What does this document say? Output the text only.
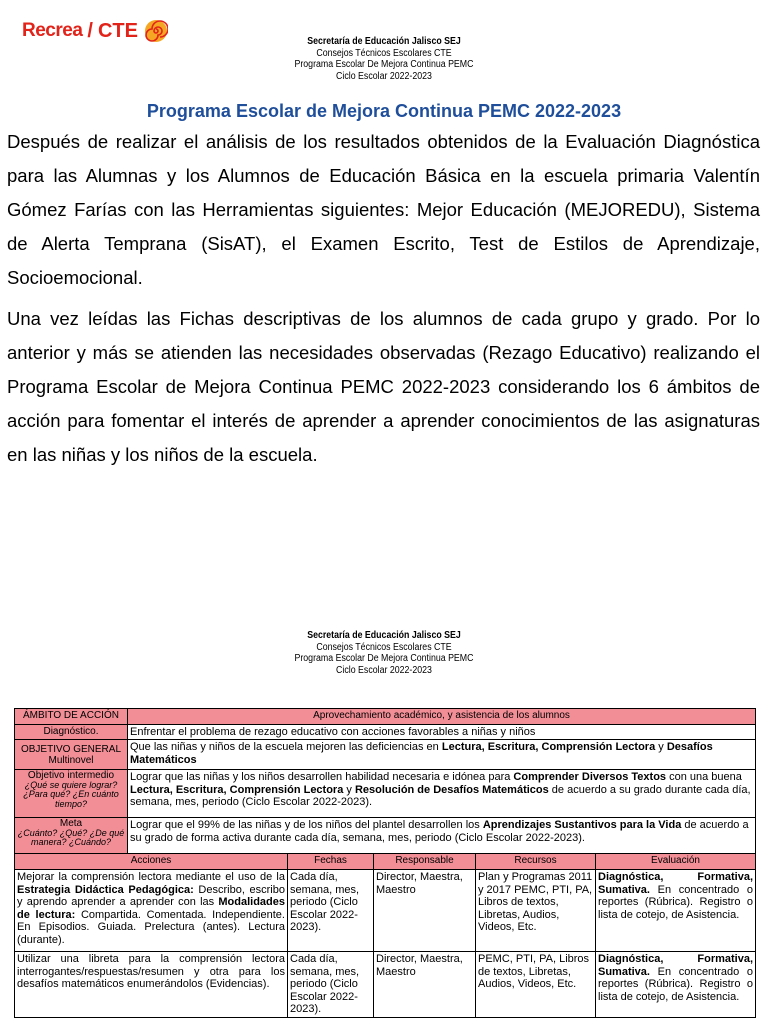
Recrea / CTE	Secretaría de Educación Jalisco SEJ
Consejos Técnicos Escolares CTE
Programa Escolar De Mejora Continua PEMC
Ciclo Escolar 2022-2023
Programa Escolar de Mejora Continua PEMC 2022-2023

Después de realizar el análisis de los resultados obtenidos de la Evaluación Diagnóstica para las Alumnas y los Alumnos de Educación Básica en la escuela primaria Valentín Gómez Farías con las Herramientas siguientes: Mejor Educación (MEJOREDU), Sistema de Alerta Temprana (SisAT), el Examen Escrito, Test de Estilos de Aprendizaje, Socioemocional.

Una vez leídas las Fichas descriptivas de los alumnos de cada grupo y grado. Por lo anterior y más se atienden las necesidades observadas (Rezago Educativo) realizando el Programa Escolar de Mejora Continua PEMC 2022-2023 considerando los 6 ámbitos de acción para fomentar el interés de aprender a aprender conocimientos de las asignaturas en las niñas y los niños de la escuela.

Secretaría de Educación Jalisco SEJ
Consejos Técnicos Escolares CTE
Programa Escolar De Mejora Continua PEMC
Ciclo Escolar 2022-2023
ÁMBITO DE ACCIÓN	Aprovechamiento académico, y asistencia de los alumnos				
Diagnóstico.	Enfrentar el problema de rezago educativo con acciones favorables a niñas y niños				
OBJETIVO GENERAL Multinovel	Que las niñas y niños de la escuela mejoren las deficiencias en Lectura, Escritura, Comprensión Lectora y Desafíos Matemáticos				

Objetivo intermedio
¿Qué se quiere lograr? ¿Para qué? ¿En cuánto tiempo?	Lograr que las niñas y los niños desarrollen habilidad necesaria e idónea para Comprender Diversos Textos con una buena Lectura, Escritura, Comprensión Lectora y Resolución de Desafíos Matemáticos de acuerdo a su grado durante cada día, semana, mes, periodo (Ciclo Escolar 2022-2023).				

Meta
¿Cuánto? ¿Qué? ¿De qué manera? ¿Cuándo?	Lograr que el 99% de las niñas y de los niños del plantel desarrollen los Aprendizajes Sustantivos para la Vida de acuerdo a su grado de forma activa durante cada día, semana, mes, periodo (Ciclo Escolar 2022-2023).				
Acciones		Fechas	Responsable	Recursos	Evaluación
Mejorar la comprensión lectora mediante el uso de la Estrategia Didáctica Pedagógica: Describo, escribo y aprendo aprender a aprender con las Modalidades de lectura: Compartida. Comentada. Independiente. En Episodios. Guiada. Prelectura (antes). Lectura (durante).		Cada día, semana, mes, periodo (Ciclo Escolar 2022-2023).	Director, Maestra, Maestro	Plan y Programas 2011 y 2017 PEMC, PTI, PA, Libros de textos, Libretas, Audios, Videos, Etc.	Diagnóstica, Formativa, Sumativa. En concentrado o reportes (Rúbrica). Registro o lista de cotejo, de Asistencia.
Utilizar una libreta para la comprensión lectora interrogantes/respuestas/resumen y otra para los desafíos matemáticos enumerándolos (Evidencias).		Cada día, semana, mes, periodo (Ciclo Escolar 2022-2023).	Director, Maestra, Maestro	PEMC, PTI, PA, Libros de textos, Libretas, Audios, Videos, Etc.	Diagnóstica, Formativa, Sumativa. En concentrado o reportes (Rúbrica). Registro o lista de cotejo, de Asistencia.
